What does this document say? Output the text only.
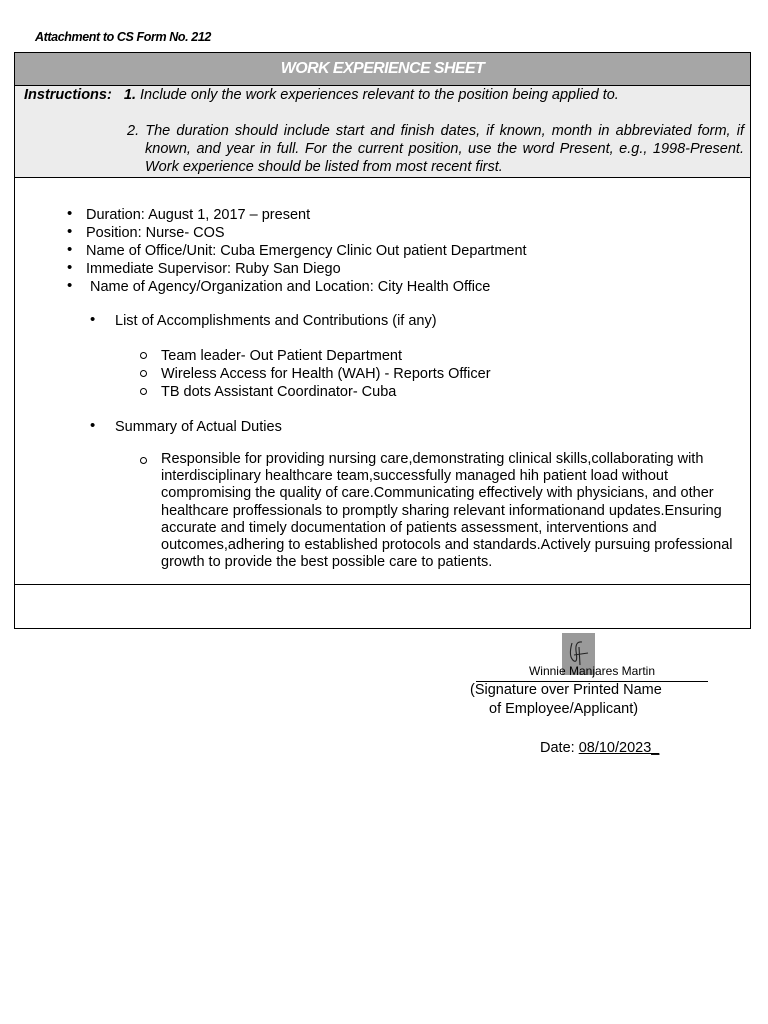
Attachment to CS Form No. 212
WORK EXPERIENCE SHEET
Instructions: 1. Include only the work experiences relevant to the position being applied to.
2. The duration should include start and finish dates, if known, month in abbreviated form, if known, and year in full. For the current position, use the word Present, e.g., 1998-Present. Work experience should be listed from most recent first.
• Duration: August 1, 2017 – present
• Position: Nurse- COS
• Name of Office/Unit: Cuba Emergency Clinic Out patient Department
• Immediate Supervisor: Ruby San Diego
• Name of Agency/Organization and Location: City Health Office
• List of Accomplishments and Contributions (if any)
Team leader- Out Patient Department
Wireless Access for Health (WAH) - Reports Officer
TB dots Assistant Coordinator- Cuba
• Summary of Actual Duties
Responsible for providing nursing care,demonstrating clinical skills,collaborating with interdisciplinary healthcare team,successfully managed hih patient load without compromising the quality of care.Communicating effectively with physicians, and other healthcare proffessionals to promptly sharing relevant informationand updates.Ensuring accurate and timely documentation of patients assessment, interventions and outcomes,adhering to established protocols and standards.Actively pursuing professional growth to provide the best possible care to patients.
Winnie Manjares Martin
(Signature over Printed Name
of Employee/Applicant)
Date: 08/10/2023_
